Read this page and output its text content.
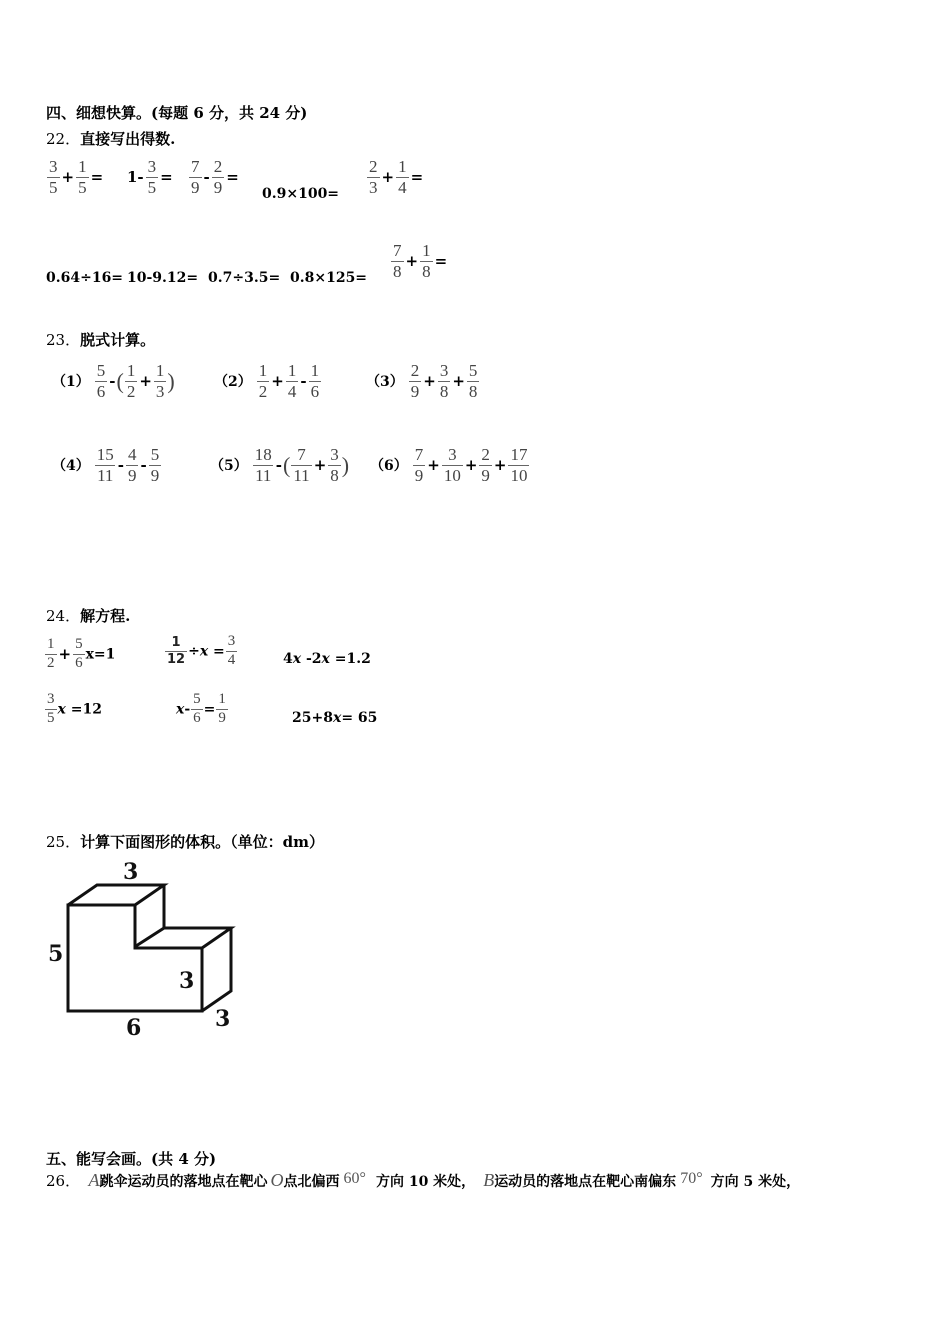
四、细想快算。(每题 6 分，共 24 分)
22．直接写出得数.
$\frac{3}{5} + \frac{1}{5} = 1- \frac{3}{5} = \frac{7}{9} - \frac{2}{9}$ =
$0.9\times 100= \frac{2}{3} + \frac{1}{4}$ =
$0.64\div 16= 10-9.12= 0.7\div 3.5= 0.8\times 125= \frac{7}{8} + \frac{1}{8}$ =
23．脱式计算。
$(1) \frac{5}{6}$ -( $\frac{1}{2} + \frac{1}{3}$ )	$(2) \frac{1}{2} + \frac{1}{4} - \frac{1}{6}$	$(3) \frac{2}{9} + \frac{3}{8} + \frac{5}{8}$
$(4) \frac{15}{11} - \frac{4}{9} - \frac{5}{9}$	$(5) \frac{18}{11}$ -( $\frac{7}{11} + \frac{3}{8}$ ) $(6) \frac{7}{9} + \frac{3}{10} + \frac{2}{9} + \frac{17}{10}$
24．解方程.
$\frac{1}{2} + \frac{5}{6} x=1$	$\frac{1}{12} \div x = \frac{3}{4}$	4x -2x =1.2
$\frac{3}{5}$ x =12	$x- \frac{5}{6} = \frac{1}{9}$	25+8x= 65
25．计算下面图形的体积。（单位：dm）
3
5
3
6	3
五、能写会画。(共 4 分)
26． A跳伞运动员的落地点在靶心 O点北偏西 60° 方向 10 米处， B运动员的落地点在靶心南偏东 70° 方向 5 米处，
